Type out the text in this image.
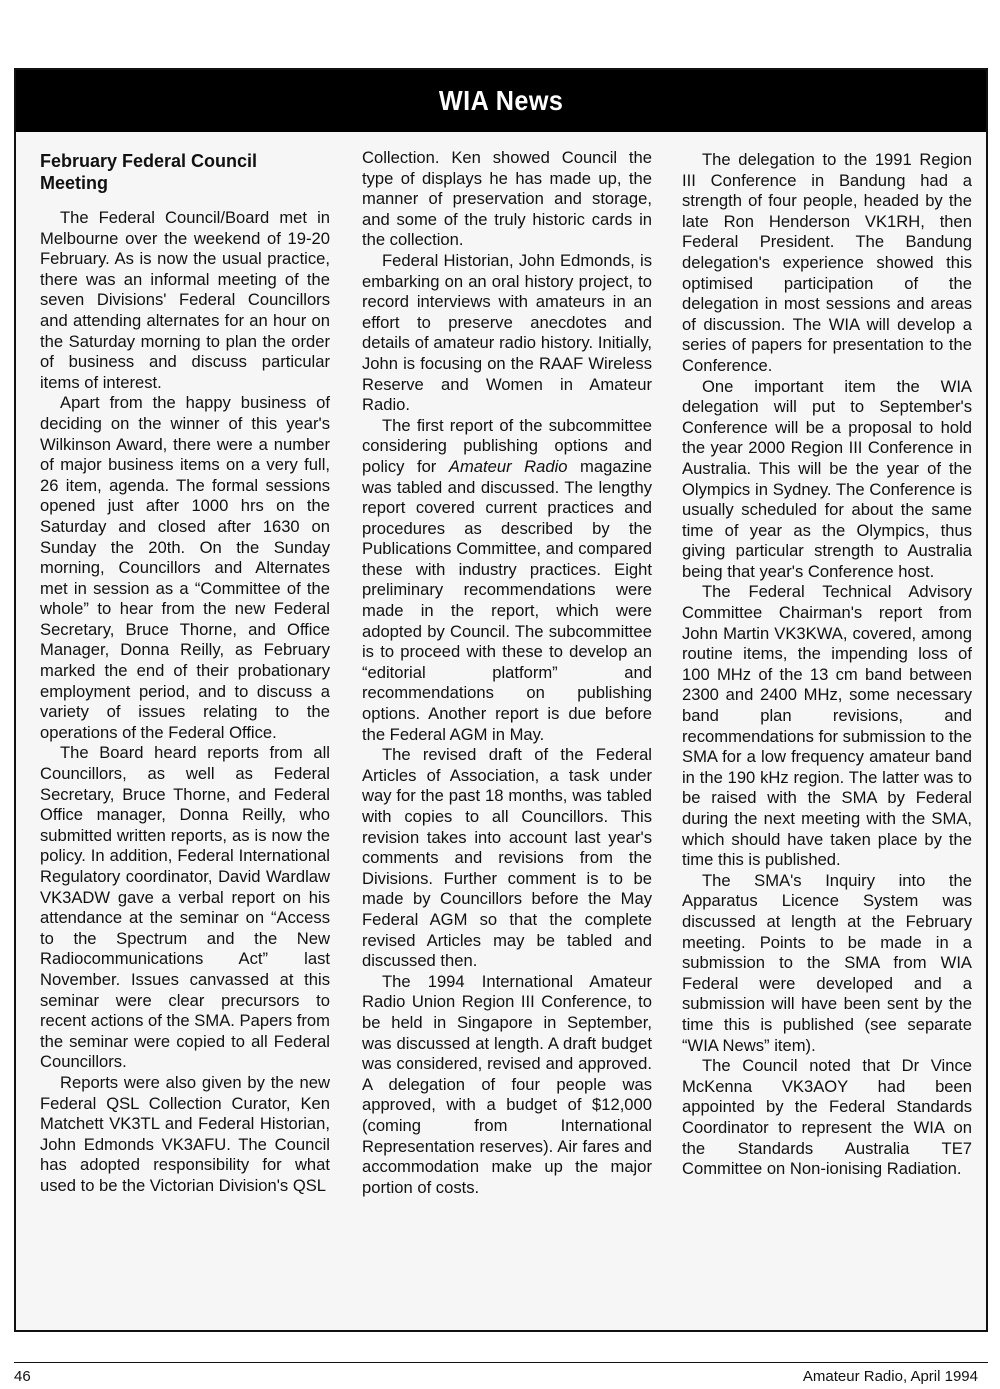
WIA News
February Federal Council Meeting

The Federal Council/Board met in Melbourne over the weekend of 19-20 February. As is now the usual practice, there was an informal meeting of the seven Divisions' Federal Councillors and attending alternates for an hour on the Saturday morning to plan the order of business and discuss particular items of interest.

Apart from the happy business of deciding on the winner of this year's Wilkinson Award, there were a number of major business items on a very full, 26 item, agenda. The formal sessions opened just after 1000 hrs on the Saturday and closed after 1630 on Sunday the 20th. On the Sunday morning, Councillors and Alternates met in session as a “Committee of the whole” to hear from the new Federal Secretary, Bruce Thorne, and Office Manager, Donna Reilly, as February marked the end of their probationary employment period, and to discuss a variety of issues relating to the operations of the Federal Office.

The Board heard reports from all Councillors, as well as Federal Secretary, Bruce Thorne, and Federal Office manager, Donna Reilly, who submitted written reports, as is now the policy. In addition, Federal International Regulatory coordinator, David Wardlaw VK3ADW gave a verbal report on his attendance at the seminar on “Access to the Spectrum and the New Radiocommunications Act” last November. Issues canvassed at this seminar were clear precursors to recent actions of the SMA. Papers from the seminar were copied to all Federal Councillors.

Reports were also given by the new Federal QSL Collection Curator, Ken Matchett VK3TL and Federal Historian, John Edmonds VK3AFU. The Council has adopted responsibility for what used to be the Victorian Division's QSL

Collection. Ken showed Council the type of displays he has made up, the manner of preservation and storage, and some of the truly historic cards in the collection.

Federal Historian, John Edmonds, is embarking on an oral history project, to record interviews with amateurs in an effort to preserve anecdotes and details of amateur radio history. Initially, John is focusing on the RAAF Wireless Reserve and Women in Amateur Radio.

The first report of the subcommittee considering publishing options and policy for Amateur Radio magazine was tabled and discussed. The lengthy report covered current practices and procedures as described by the Publications Committee, and compared these with industry practices. Eight preliminary recommendations were made in the report, which were adopted by Council. The subcommittee is to proceed with these to develop an “editorial platform” and recommendations on publishing options. Another report is due before the Federal AGM in May.

The revised draft of the Federal Articles of Association, a task under way for the past 18 months, was tabled with copies to all Councillors. This revision takes into account last year's comments and revisions from the Divisions. Further comment is to be made by Councillors before the May Federal AGM so that the complete revised Articles may be tabled and discussed then.

The 1994 International Amateur Radio Union Region III Conference, to be held in Singapore in September, was discussed at length. A draft budget was considered, revised and approved. A delegation of four people was approved, with a budget of $12,000 (coming from International Representation reserves). Air fares and accommodation make up the major portion of costs.

The delegation to the 1991 Region III Conference in Bandung had a strength of four people, headed by the late Ron Henderson VK1RH, then Federal President. The Bandung delegation's experience showed this optimised participation of the delegation in most sessions and areas of discussion. The WIA will develop a series of papers for presentation to the Conference.

One important item the WIA delegation will put to September's Conference will be a proposal to hold the year 2000 Region III Conference in Australia. This will be the year of the Olympics in Sydney. The Conference is usually scheduled for about the same time of year as the Olympics, thus giving particular strength to Australia being that year's Conference host.

The Federal Technical Advisory Committee Chairman's report from John Martin VK3KWA, covered, among routine items, the impending loss of 100 MHz of the 13 cm band between 2300 and 2400 MHz, some necessary band plan revisions, and recommendations for submission to the SMA for a low frequency amateur band in the 190 kHz region. The latter was to be raised with the SMA by Federal during the next meeting with the SMA, which should have taken place by the time this is published.

The SMA's Inquiry into the Apparatus Licence System was discussed at length at the February meeting. Points to be made in a submission to the SMA from WIA Federal were developed and a submission will have been sent by the time this is published (see separate “WIA News” item).

The Council noted that Dr Vince McKenna VK3AOY had been appointed by the Federal Standards Coordinator to represent the WIA on the Standards Australia TE7 Committee on Non-ionising Radiation.

46	Amateur Radio, April 1994
